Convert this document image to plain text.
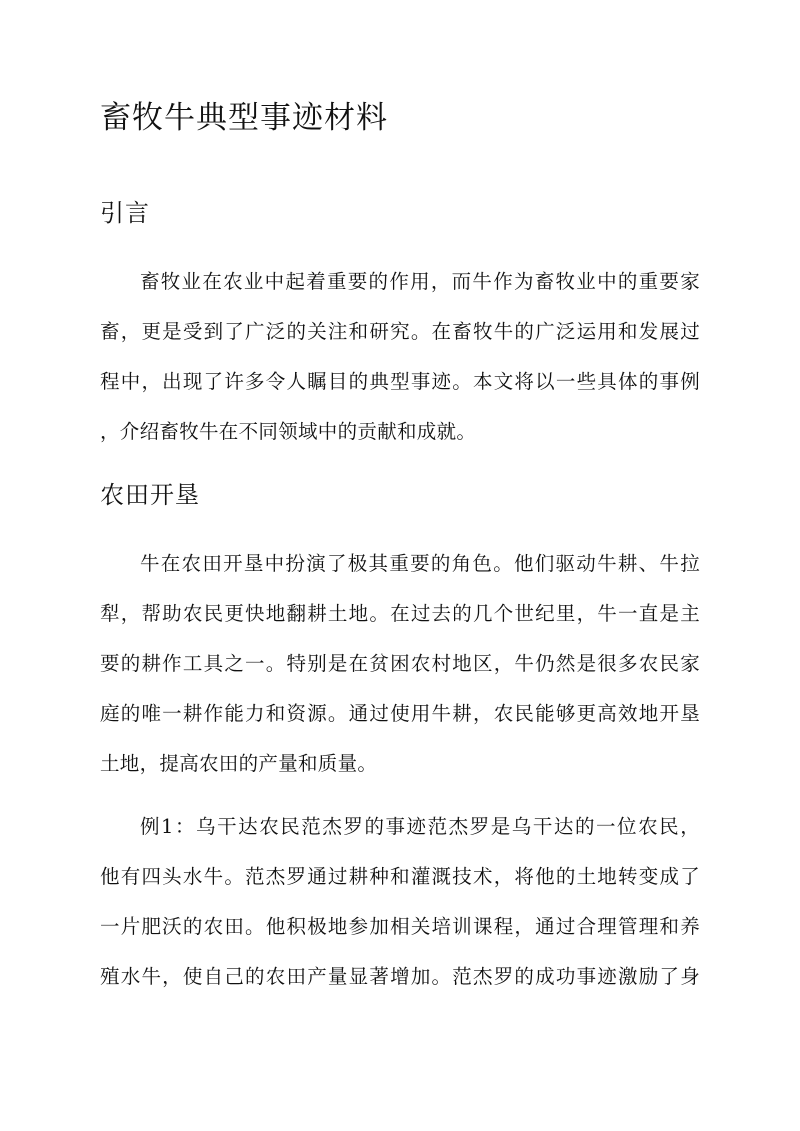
畜牧牛典型事迹材料
引言
畜牧业在农业中起着重要的作用，而牛作为畜牧业中的重要家
畜，更是受到了广泛的关注和研究。在畜牧牛的广泛运用和发展过
程中，出现了许多令人瞩目的典型事迹。本文将以一些具体的事例
，介绍畜牧牛在不同领域中的贡献和成就。
农田开垦
牛在农田开垦中扮演了极其重要的角色。他们驱动牛耕、牛拉
犁，帮助农民更快地翻耕土地。在过去的几个世纪里，牛一直是主
要的耕作工具之一。特别是在贫困农村地区，牛仍然是很多农民家
庭的唯一耕作能力和资源。通过使用牛耕，农民能够更高效地开垦
土地，提高农田的产量和质量。
例1：乌干达农民范杰罗的事迹范杰罗是乌干达的一位农民，
他有四头水牛。范杰罗通过耕种和灌溉技术，将他的土地转变成了
一片肥沃的农田。他积极地参加相关培训课程，通过合理管理和养
殖水牛，使自己的农田产量显著增加。范杰罗的成功事迹激励了身
